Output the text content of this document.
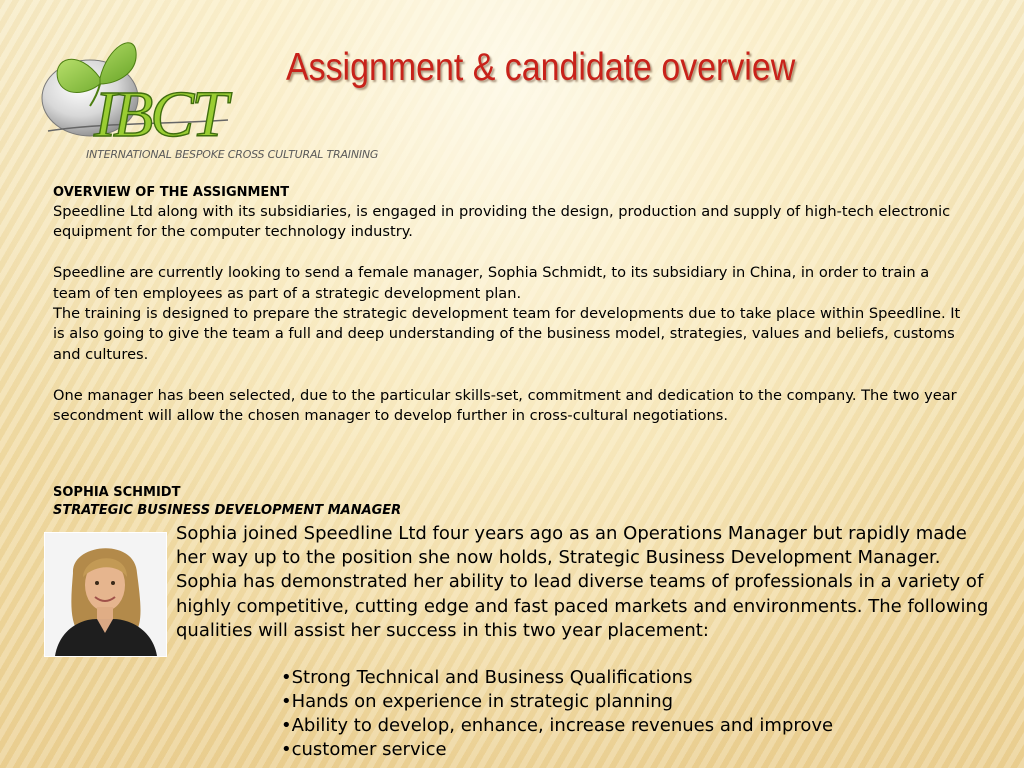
IBCT
INTERNATIONAL BESPOKE CROSS CULTURAL TRAINING
Assignment & candidate overview

OVERVIEW OF THE ASSIGNMENT

Speedline Ltd along with its subsidiaries, is engaged in providing the design, production and supply of high-tech electronic equipment for the computer technology industry.

Speedline are currently looking to send a female manager, Sophia Schmidt, to its subsidiary in China, in order to train a team of ten employees as part of a strategic development plan.

The training is designed to prepare the strategic development team for developments due to take place within Speedline. It is also going to give the team a full and deep understanding of the business model, strategies, values and beliefs, customs and cultures.

One manager has been selected, due to the particular skills-set, commitment and dedication to the company. The two year secondment will allow the chosen manager to develop further in cross-cultural negotiations.

SOPHIA SCHMIDT

STRATEGIC BUSINESS DEVELOPMENT MANAGER

Sophia joined Speedline Ltd four years ago as an Operations Manager but rapidly made her way up to the position she now holds, Strategic Business Development Manager. Sophia has demonstrated her ability to lead diverse teams of professionals in a variety of highly competitive, cutting edge and fast paced markets and environments. The following qualities will assist her success in this two year placement:

•Strong Technical and Business Qualifications
•Hands on experience in strategic planning
•Ability to develop, enhance, increase revenues and improve
•customer service
